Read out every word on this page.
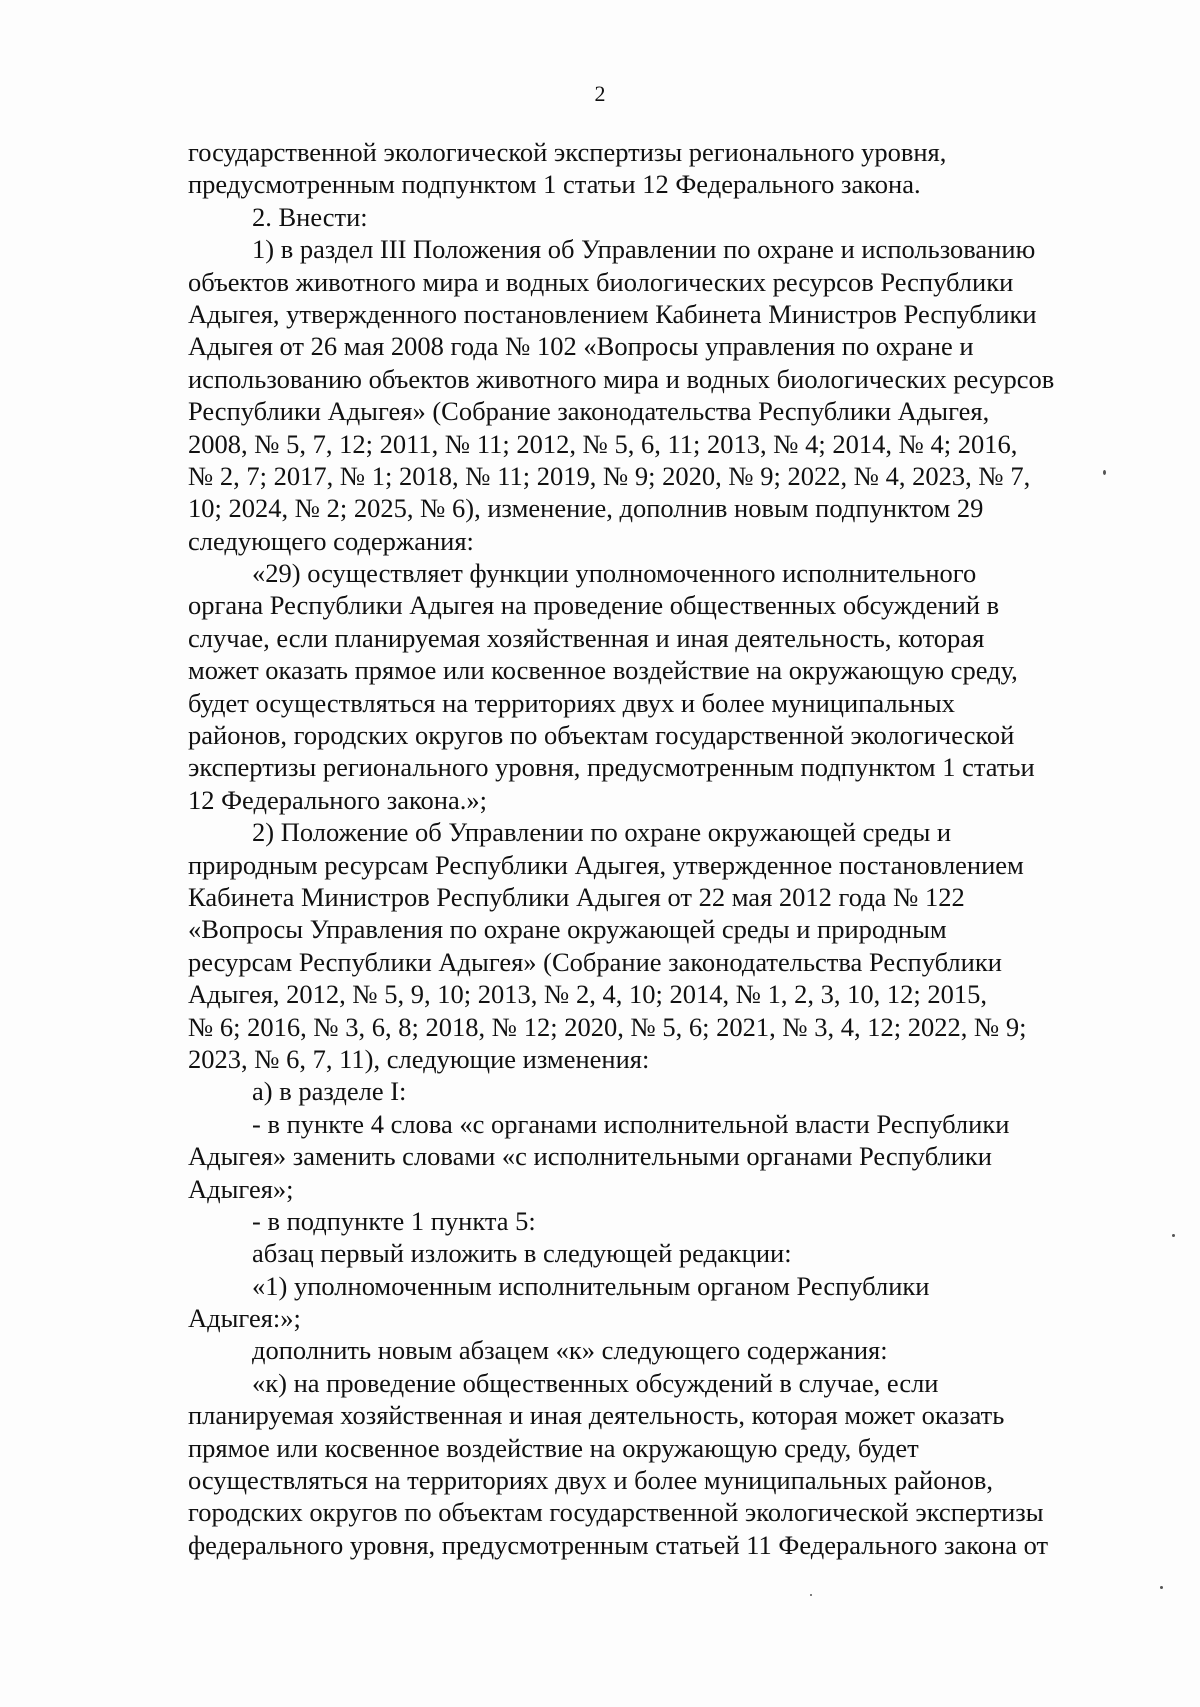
2
государственной экологической экспертизы регионального уровня,
предусмотренным подпунктом 1 статьи 12 Федерального закона.
2. Внести:
1) в раздел III Положения об Управлении по охране и использованию
объектов животного мира и водных биологических ресурсов Республики
Адыгея, утвержденного постановлением Кабинета Министров Республики
Адыгея от 26 мая 2008 года № 102 «Вопросы управления по охране и
использованию объектов животного мира и водных биологических ресурсов
Республики Адыгея» (Собрание законодательства Республики Адыгея,
2008, № 5, 7, 12; 2011, № 11; 2012, № 5, 6, 11; 2013, № 4; 2014, № 4; 2016,
№ 2, 7; 2017, № 1; 2018, № 11; 2019, № 9; 2020, № 9; 2022, № 4, 2023, № 7,
10; 2024, № 2; 2025, № 6), изменение, дополнив новым подпунктом 29
следующего содержания:
«29) осуществляет функции уполномоченного исполнительного
органа Республики Адыгея на проведение общественных обсуждений в
случае, если планируемая хозяйственная и иная деятельность, которая
может оказать прямое или косвенное воздействие на окружающую среду,
будет осуществляться на территориях двух и более муниципальных
районов, городских округов по объектам государственной экологической
экспертизы регионального уровня, предусмотренным подпунктом 1 статьи
12 Федерального закона.»;
2) Положение об Управлении по охране окружающей среды и
природным ресурсам Республики Адыгея, утвержденное постановлением
Кабинета Министров Республики Адыгея от 22 мая 2012 года № 122
«Вопросы Управления по охране окружающей среды и природным
ресурсам Республики Адыгея» (Собрание законодательства Республики
Адыгея, 2012, № 5, 9, 10; 2013, № 2, 4, 10; 2014, № 1, 2, 3, 10, 12; 2015,
№ 6; 2016, № 3, 6, 8; 2018, № 12; 2020, № 5, 6; 2021, № 3, 4, 12; 2022, № 9;
2023, № 6, 7, 11), следующие изменения:
а) в разделе I:
- в пункте 4 слова «с органами исполнительной власти Республики
Адыгея» заменить словами «с исполнительными органами Республики
Адыгея»;
- в подпункте 1 пункта 5:
абзац первый изложить в следующей редакции:
«1) уполномоченным исполнительным органом Республики
Адыгея:»;
дополнить новым абзацем «к» следующего содержания:
«к) на проведение общественных обсуждений в случае, если
планируемая хозяйственная и иная деятельность, которая может оказать
прямое или косвенное воздействие на окружающую среду, будет
осуществляться на территориях двух и более муниципальных районов,
городских округов по объектам государственной экологической экспертизы
федерального уровня, предусмотренным статьей 11 Федерального закона от
